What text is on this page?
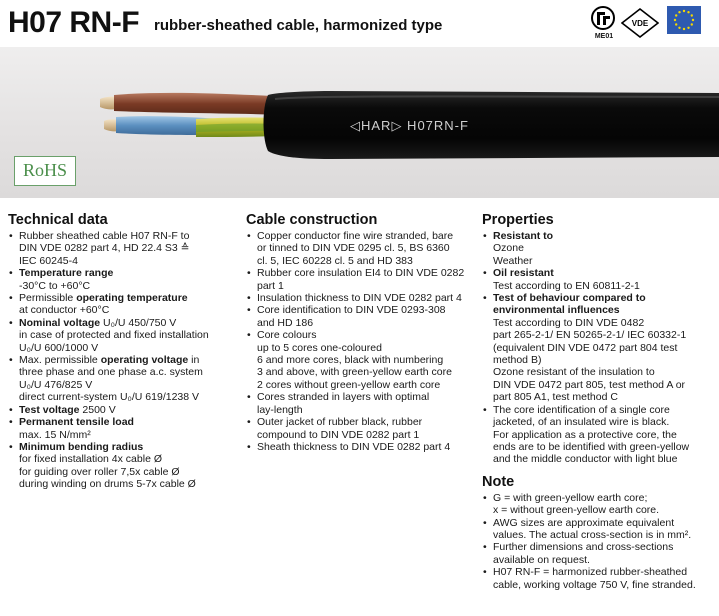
H07 RN-F rubber-sheathed cable, harmonized type
ME01
VDE
◁HAR▷ H07RN-F
RoHS
Technical data
• Rubber sheathed cable H07 RN-F to
DIN VDE 0282 part 4, HD 22.4 S3 ≙
IEC 60245-4
• Temperature range
-30°C to +60°C
• Permissible operating temperature
at conductor +60°C
• Nominal voltage U₀/U 450/750 V
in case of protected and fixed installation
U₀/U 600/1000 V
• Max. permissible operating voltage in
three phase and one phase a.c. system
U₀/U 476/825 V
direct current-system U₀/U 619/1238 V
• Test voltage 2500 V
• Permanent tensile load
max. 15 N/mm²
• Minimum bending radius
for fixed installation 4x cable Ø
for guiding over roller 7,5x cable Ø
during winding on drums 5-7x cable Ø
Cable construction
• Copper conductor fine wire stranded, bare
or tinned to DIN VDE 0295 cl. 5, BS 6360
cl. 5, IEC 60228 cl. 5 and HD 383
• Rubber core insulation EI4 to DIN VDE 0282
part 1
• Insulation thickness to DIN VDE 0282 part 4
• Core identification to DIN VDE 0293-308
and HD 186
• Core colours
up to 5 cores one-coloured
6 and more cores, black with numbering
3 and above, with green-yellow earth core
2 cores without green-yellow earth core
• Cores stranded in layers with optimal
lay-length
• Outer jacket of rubber black, rubber
compound to DIN VDE 0282 part 1
• Sheath thickness to DIN VDE 0282 part 4
Properties
• Resistant to
Ozone
Weather
• Oil resistant
Test according to EN 60811-2-1
• Test of behaviour compared to
environmental influences
Test according to DIN VDE 0482
part 265-2-1/ EN 50265-2-1/ IEC 60332-1
(equivalent DIN VDE 0472 part 804 test
method B)
Ozone resistant of the insulation to
DIN VDE 0472 part 805, test method A or
part 805 A1, test method C
• The core identification of a single core
jacketed, of an insulated wire is black.
For application as a protective core, the
ends are to be identified with green-yellow
and the middle conductor with light blue
Note
• G = with green-yellow earth core;
x = without green-yellow earth core.
• AWG sizes are approximate equivalent
values. The actual cross-section is in mm².
• Further dimensions and cross-sections
available on request.
• H07 RN-F = harmonized rubber-sheathed
cable, working voltage 750 V, fine stranded.
